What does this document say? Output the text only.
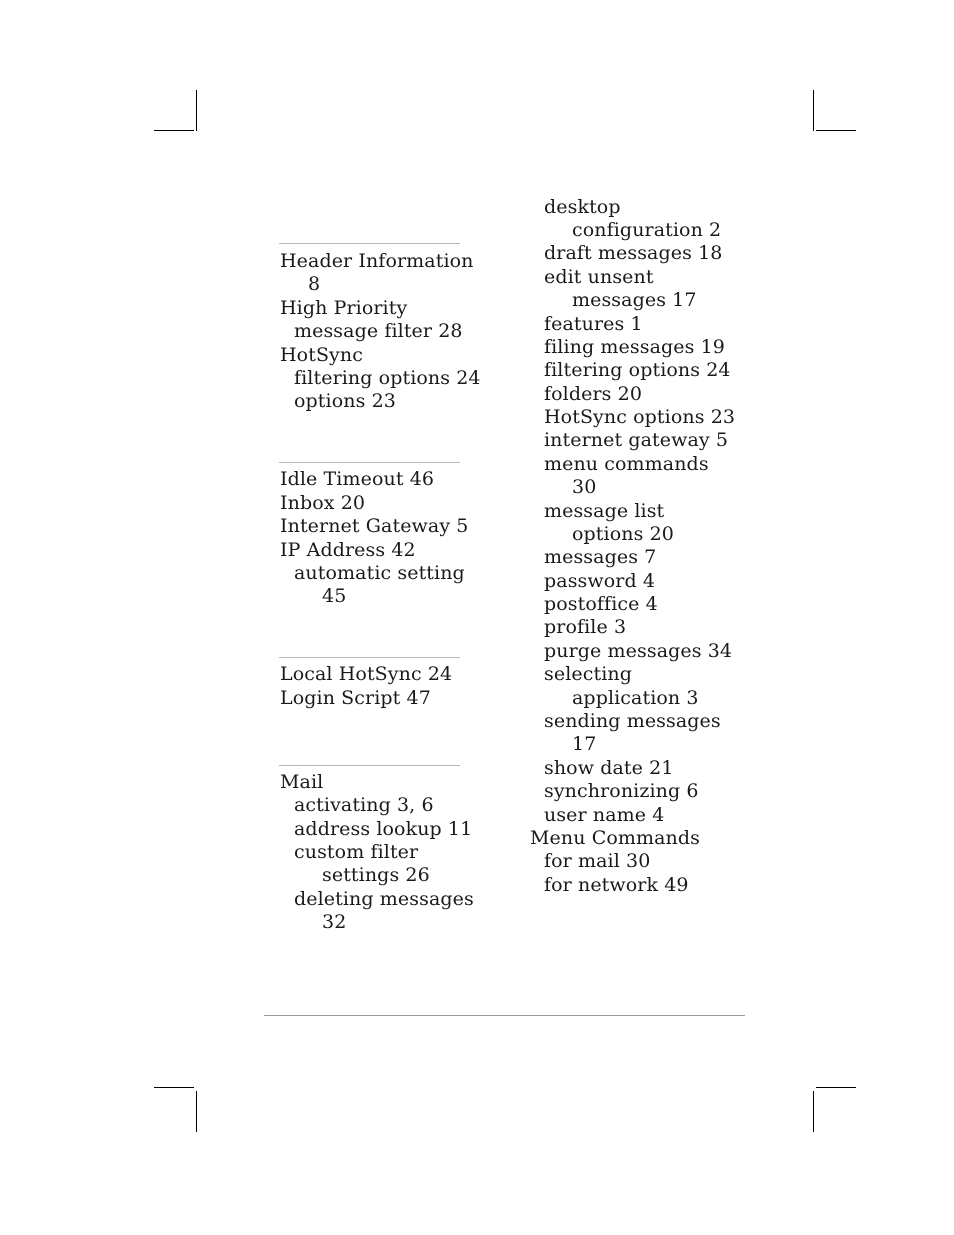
Header Information

8

High Priority

message filter 28

HotSync

filtering options 24

options 23

Idle Timeout 46

Inbox 20

Internet Gateway 5

IP Address 42

automatic setting

45

Local HotSync 24

Login Script 47

Mail

activating 3, 6

address lookup 11

custom filter

settings 26

deleting messages

32

desktop

configuration 2

draft messages 18

edit unsent

messages 17

features 1

filing messages 19

filtering options 24

folders 20

HotSync options 23

internet gateway 5

menu commands

30

message list

options 20

messages 7

password 4

postoffice 4

profile 3

purge messages 34

selecting

application 3

sending messages

17

show date 21

synchronizing 6

user name 4

Menu Commands

for mail 30

for network 49
